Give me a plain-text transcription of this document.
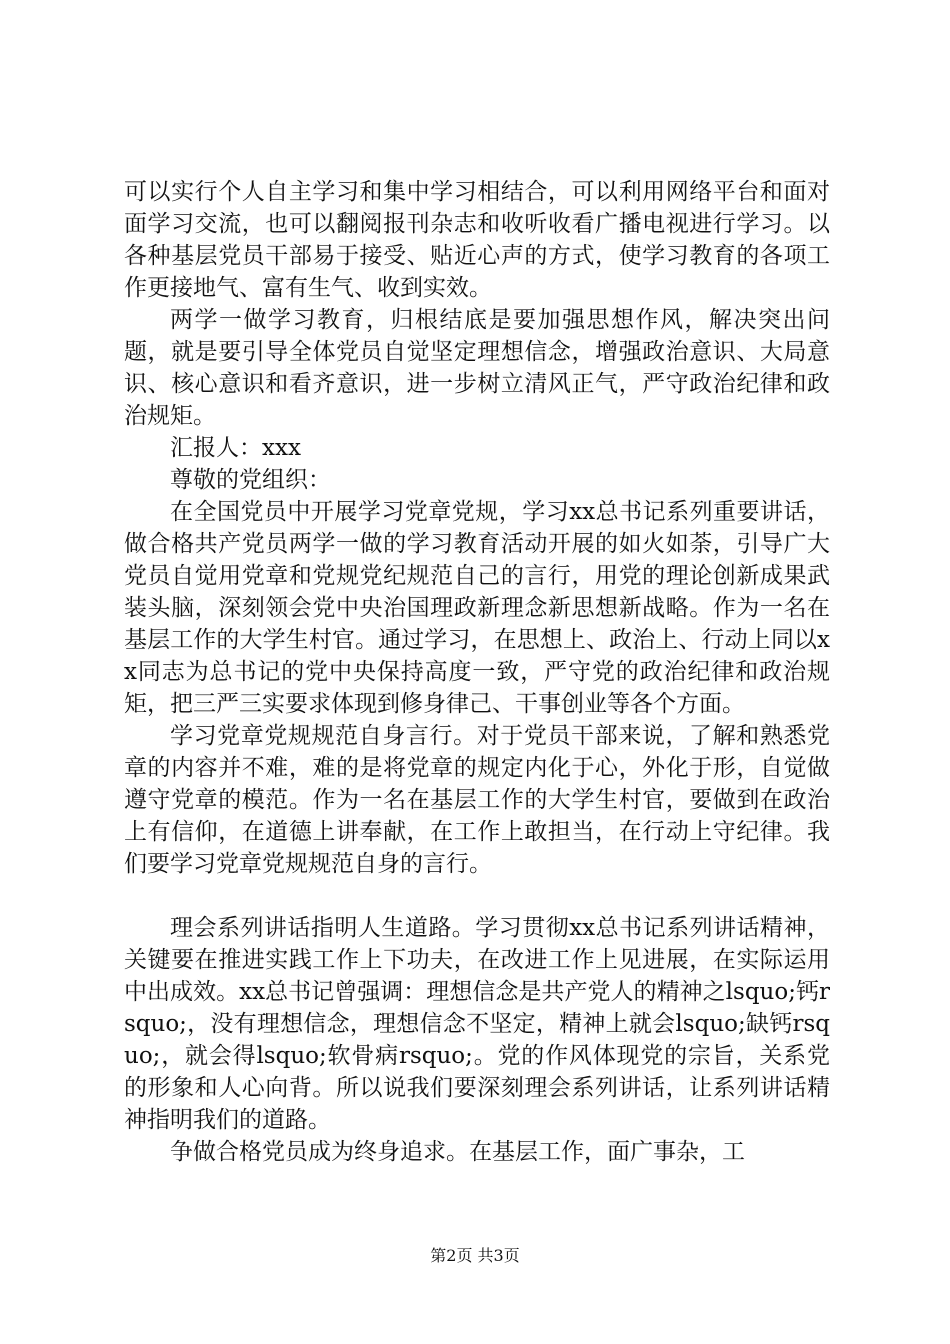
可以实行个人自主学习和集中学习相结合，可以利用网络平台和面对面学习交流，也可以翻阅报刊杂志和收听收看广播电视进行学习。以各种基层党员干部易于接受、贴近心声的方式，使学习教育的各项工作更接地气、富有生气、收到实效。

两学一做学习教育，归根结底是要加强思想作风，解决突出问题，就是要引导全体党员自觉坚定理想信念，增强政治意识、大局意识、核心意识和看齐意识，进一步树立清风正气，严守政治纪律和政治规矩。

汇报人：xxx

尊敬的党组织：

在全国党员中开展学习党章党规，学习xx总书记系列重要讲话，做合格共产党员两学一做的学习教育活动开展的如火如荼，引导广大党员自觉用党章和党规党纪规范自己的言行，用党的理论创新成果武装头脑，深刻领会党中央治国理政新理念新思想新战略。作为一名在基层工作的大学生村官。通过学习，在思想上、政治上、行动上同以xx同志为总书记的党中央保持高度一致，严守党的政治纪律和政治规矩，把三严三实要求体现到修身律己、干事创业等各个方面。

学习党章党规规范自身言行。对于党员干部来说，了解和熟悉党章的内容并不难，难的是将党章的规定内化于心，外化于形，自觉做遵守党章的模范。作为一名在基层工作的大学生村官，要做到在政治上有信仰，在道德上讲奉献，在工作上敢担当，在行动上守纪律。我们要学习党章党规规范自身的言行。

理会系列讲话指明人生道路。学习贯彻xx总书记系列讲话精神，关键要在推进实践工作上下功夫，在改进工作上见进展，在实际运用中出成效。xx总书记曾强调：理想信念是共产党人的精神之lsquo;钙rsquo;，没有理想信念，理想信念不坚定，精神上就会lsquo;缺钙rsquo;，就会得lsquo;软骨病rsquo;。党的作风体现党的宗旨，关系党的形象和人心向背。所以说我们要深刻理会系列讲话，让系列讲话精神指明我们的道路。

争做合格党员成为终身追求。在基层工作，面广事杂，工

第2页 共3页
